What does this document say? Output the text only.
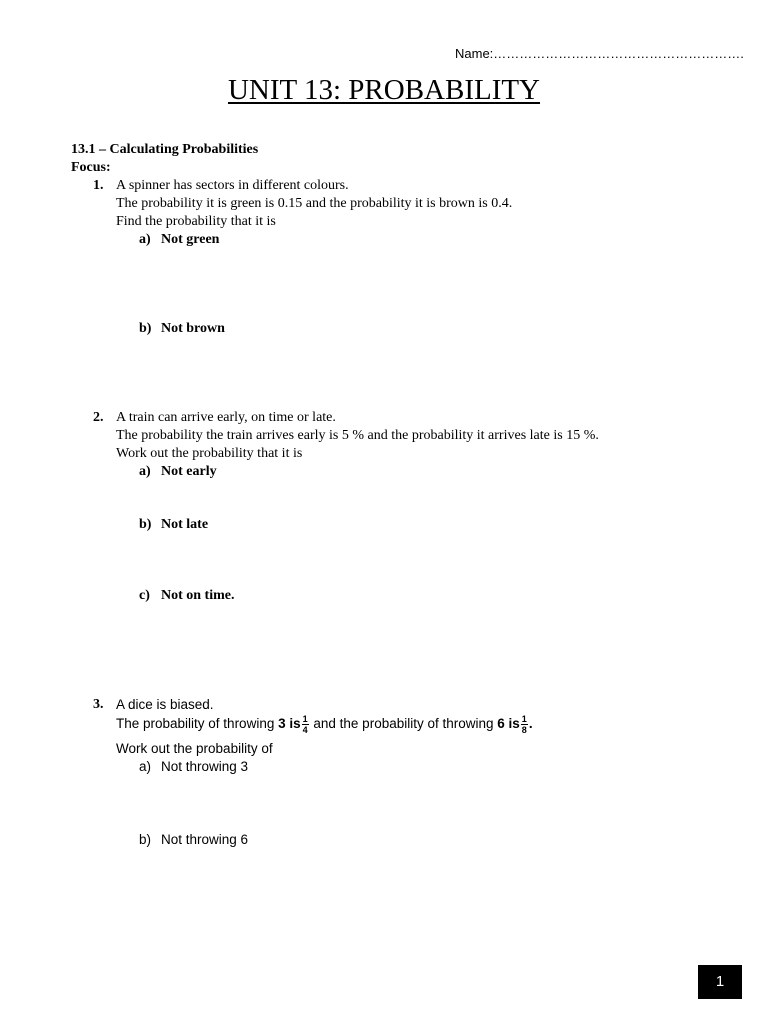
Name:………………………………………………….
UNIT 13: PROBABILITY
13.1 – Calculating Probabilities
Focus:
1. A spinner has sectors in different colours.
The probability it is green is 0.15 and the probability it is brown is 0.4.
Find the probability that it is
a) Not green
b) Not brown
2. A train can arrive early, on time or late.
The probability the train arrives early is 5 % and the probability it arrives late is 15 %.
Work out the probability that it is
a) Not early
b) Not late
c) Not on time.
3. A dice is biased.
The probability of throwing 3 is $\frac{1}{4}$ and the probability of throwing 6 is $\frac{1}{8}$ .
Work out the probability of
a) Not throwing 3
b) Not throwing 6
1
